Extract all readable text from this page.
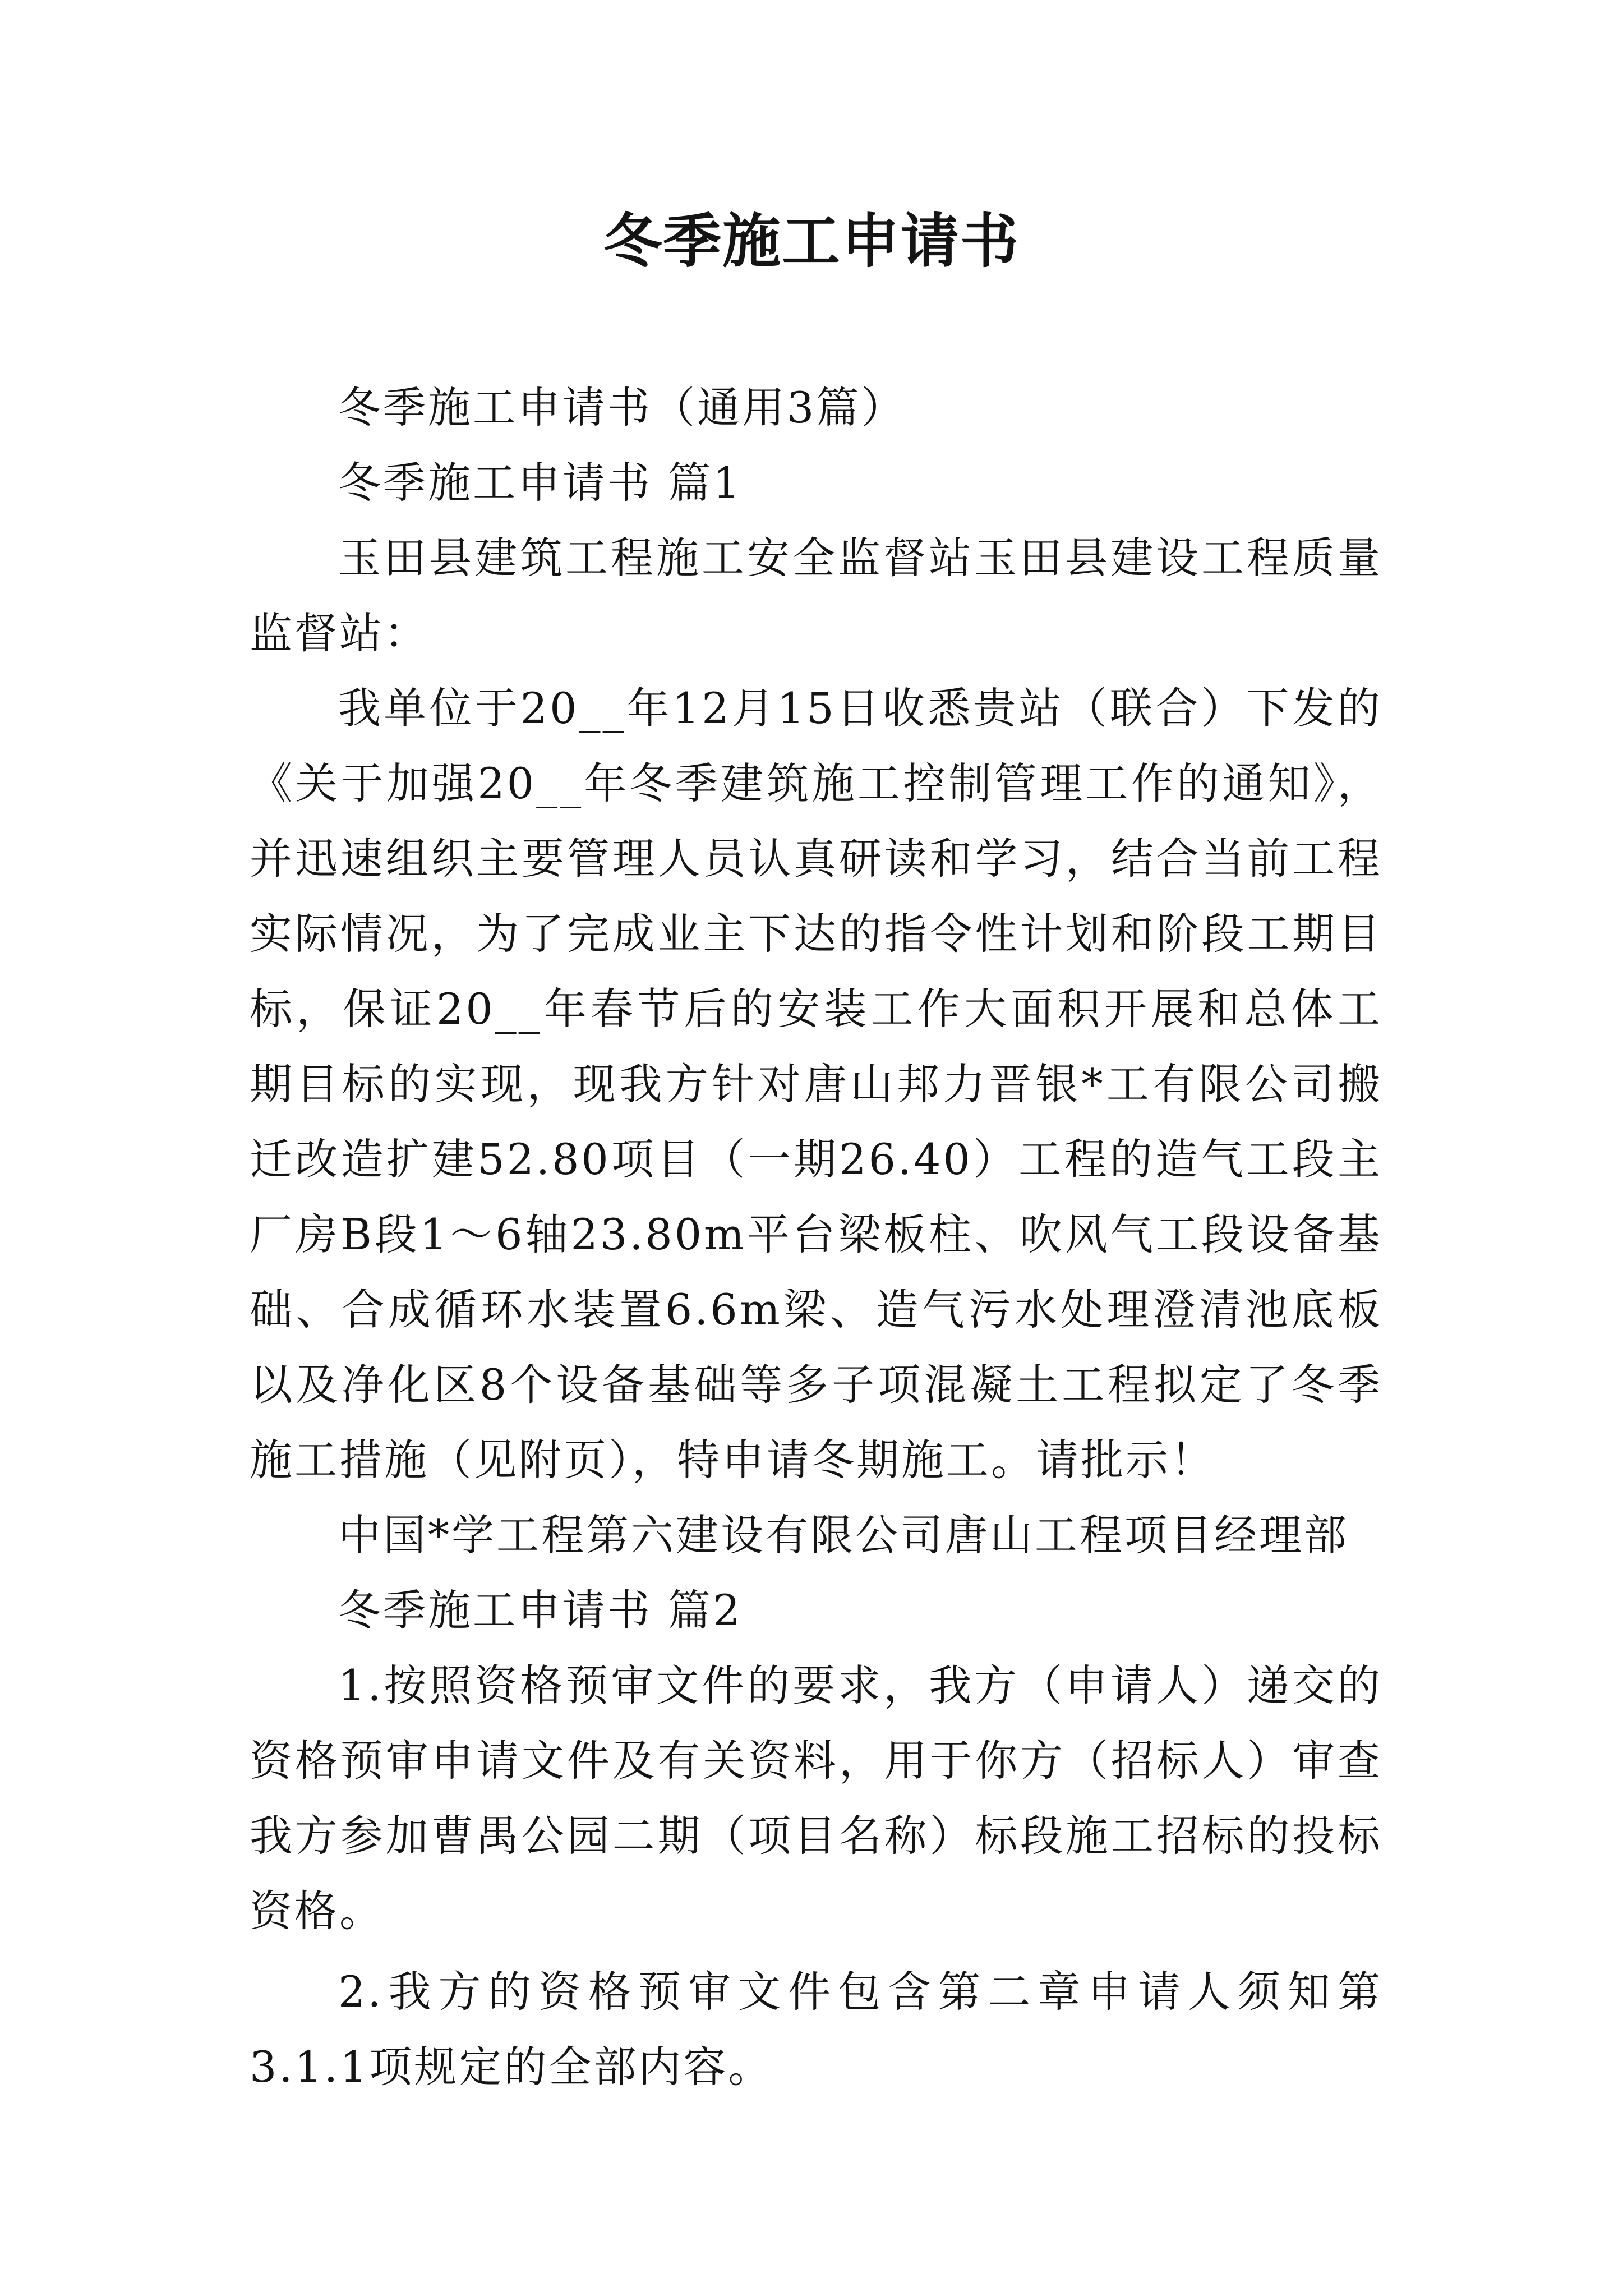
冬季施工申请书

冬季施工申请书（通用3篇）

冬季施工申请书 篇1

玉田县建筑工程施工安全监督站玉田县建设工程质量监督站：

我单位于20__年12月15日收悉贵站（联合）下发的《关于加强20__年冬季建筑施工控制管理工作的通知》，并迅速组织主要管理人员认真研读和学习，结合当前工程实际情况，为了完成业主下达的指令性计划和阶段工期目标，保证20__年春节后的安装工作大面积开展和总体工期目标的实现，现我方针对唐山邦力晋银*工有限公司搬迁改造扩建52.80项目（一期26.40）工程的造气工段主厂房B段1～6轴23.80m平台梁板柱、吹风气工段设备基础、合成循环水装置6.6m梁、造气污水处理澄清池底板以及净化区8个设备基础等多子项混凝土工程拟定了冬季施工措施（见附页），特申请冬期施工。请批示！

中国*学工程第六建设有限公司唐山工程项目经理部

冬季施工申请书 篇2

1.按照资格预审文件的要求，我方（申请人）递交的资格预审申请文件及有关资料，用于你方（招标人）审查我方参加曹禺公园二期（项目名称）标段施工招标的投标资格。

2.我方的资格预审文件包含第二章申请人须知第3.1.1项规定的全部内容。
